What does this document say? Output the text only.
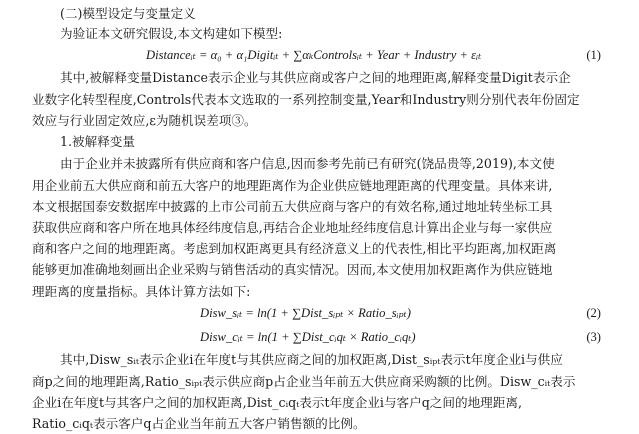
(二)模型设定与变量定义
为验证本文研究假设,本文构建如下模型:
Distanceᵢₜ = α₀ + α₁Digitᵢₜ + ∑αₖControlsᵢₜ + Year + Industry + εᵢₜ	(1)
其中,被解释变量Distance表示企业与其供应商或客户之间的地理距离,解释变量Digit表示企
业数字化转型程度,Controls代表本文选取的一系列控制变量,Year和Industry则分别代表年份固定
效应与行业固定效应,ε为随机误差项③。
1.被解释变量
由于企业并未披露所有供应商和客户信息,因而参考先前已有研究(饶品贵等,2019),本文使
用企业前五大供应商和前五大客户的地理距离作为企业供应链地理距离的代理变量。具体来讲,
本文根据国泰安数据库中披露的上市公司前五大供应商与客户的有效名称,通过地址转坐标工具
获取供应商和客户所在地具体经纬度信息,再结合企业地址经纬度信息计算出企业与每一家供应
商和客户之间的地理距离。考虑到加权距离更具有经济意义上的代表性,相比平均距离,加权距离
能够更加准确地刻画出企业采购与销售活动的真实情况。因而,本文使用加权距离作为供应链地
理距离的度量指标。具体计算方法如下:
Disw_sᵢₜ = ln(1 + ∑Dist_sᵢₚₜ × Ratio_sᵢₚₜ)	(2)
Disw_cᵢₜ = ln(1 + ∑Dist_cᵢqₜ × Ratio_cᵢqₜ)	(3)
其中,Disw_sᵢₜ表示企业i在年度t与其供应商之间的加权距离,Dist_sᵢₚₜ表示t年度企业i与供应
商p之间的地理距离,Ratio_sᵢₚₜ表示供应商p占企业当年前五大供应商采购额的比例。Disw_cᵢₜ表示
企业i在年度t与其客户之间的加权距离,Dist_cᵢqₜ表示t年度企业i与客户q之间的地理距离,
Ratio_cᵢqₜ表示客户q占企业当年前五大客户销售额的比例。
